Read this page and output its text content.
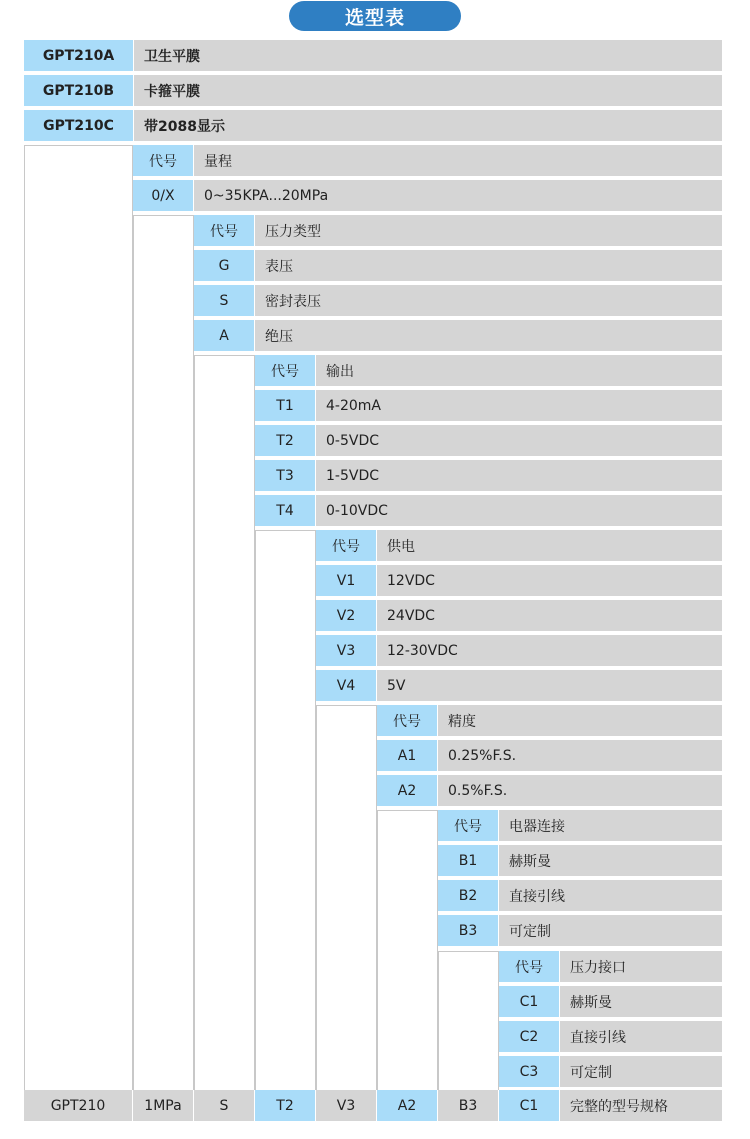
选型表
GPT210A	卫生平膜
GPT210B	卡箍平膜
GPT210C	带2088显示
代号	量程
0/X	0~35KPA...20MPa
代号	压力类型
G	表压
S	密封表压
A	绝压
代号	输出
T1	4-20mA
T2	0-5VDC
T3	1-5VDC
T4	0-10VDC
代号	供电
V1	12VDC
V2	24VDC
V3	12-30VDC
V4	5V
代号	精度
A1	0.25%F.S.
A2	0.5%F.S.
代号	电器连接
B1	赫斯曼
B2	直接引线
B3	可定制
代号	压力接口
C1	赫斯曼
C2	直接引线
C3	可定制
GPT210	1MPa	S	T2	V3	A2	B3	C1	完整的型号规格
